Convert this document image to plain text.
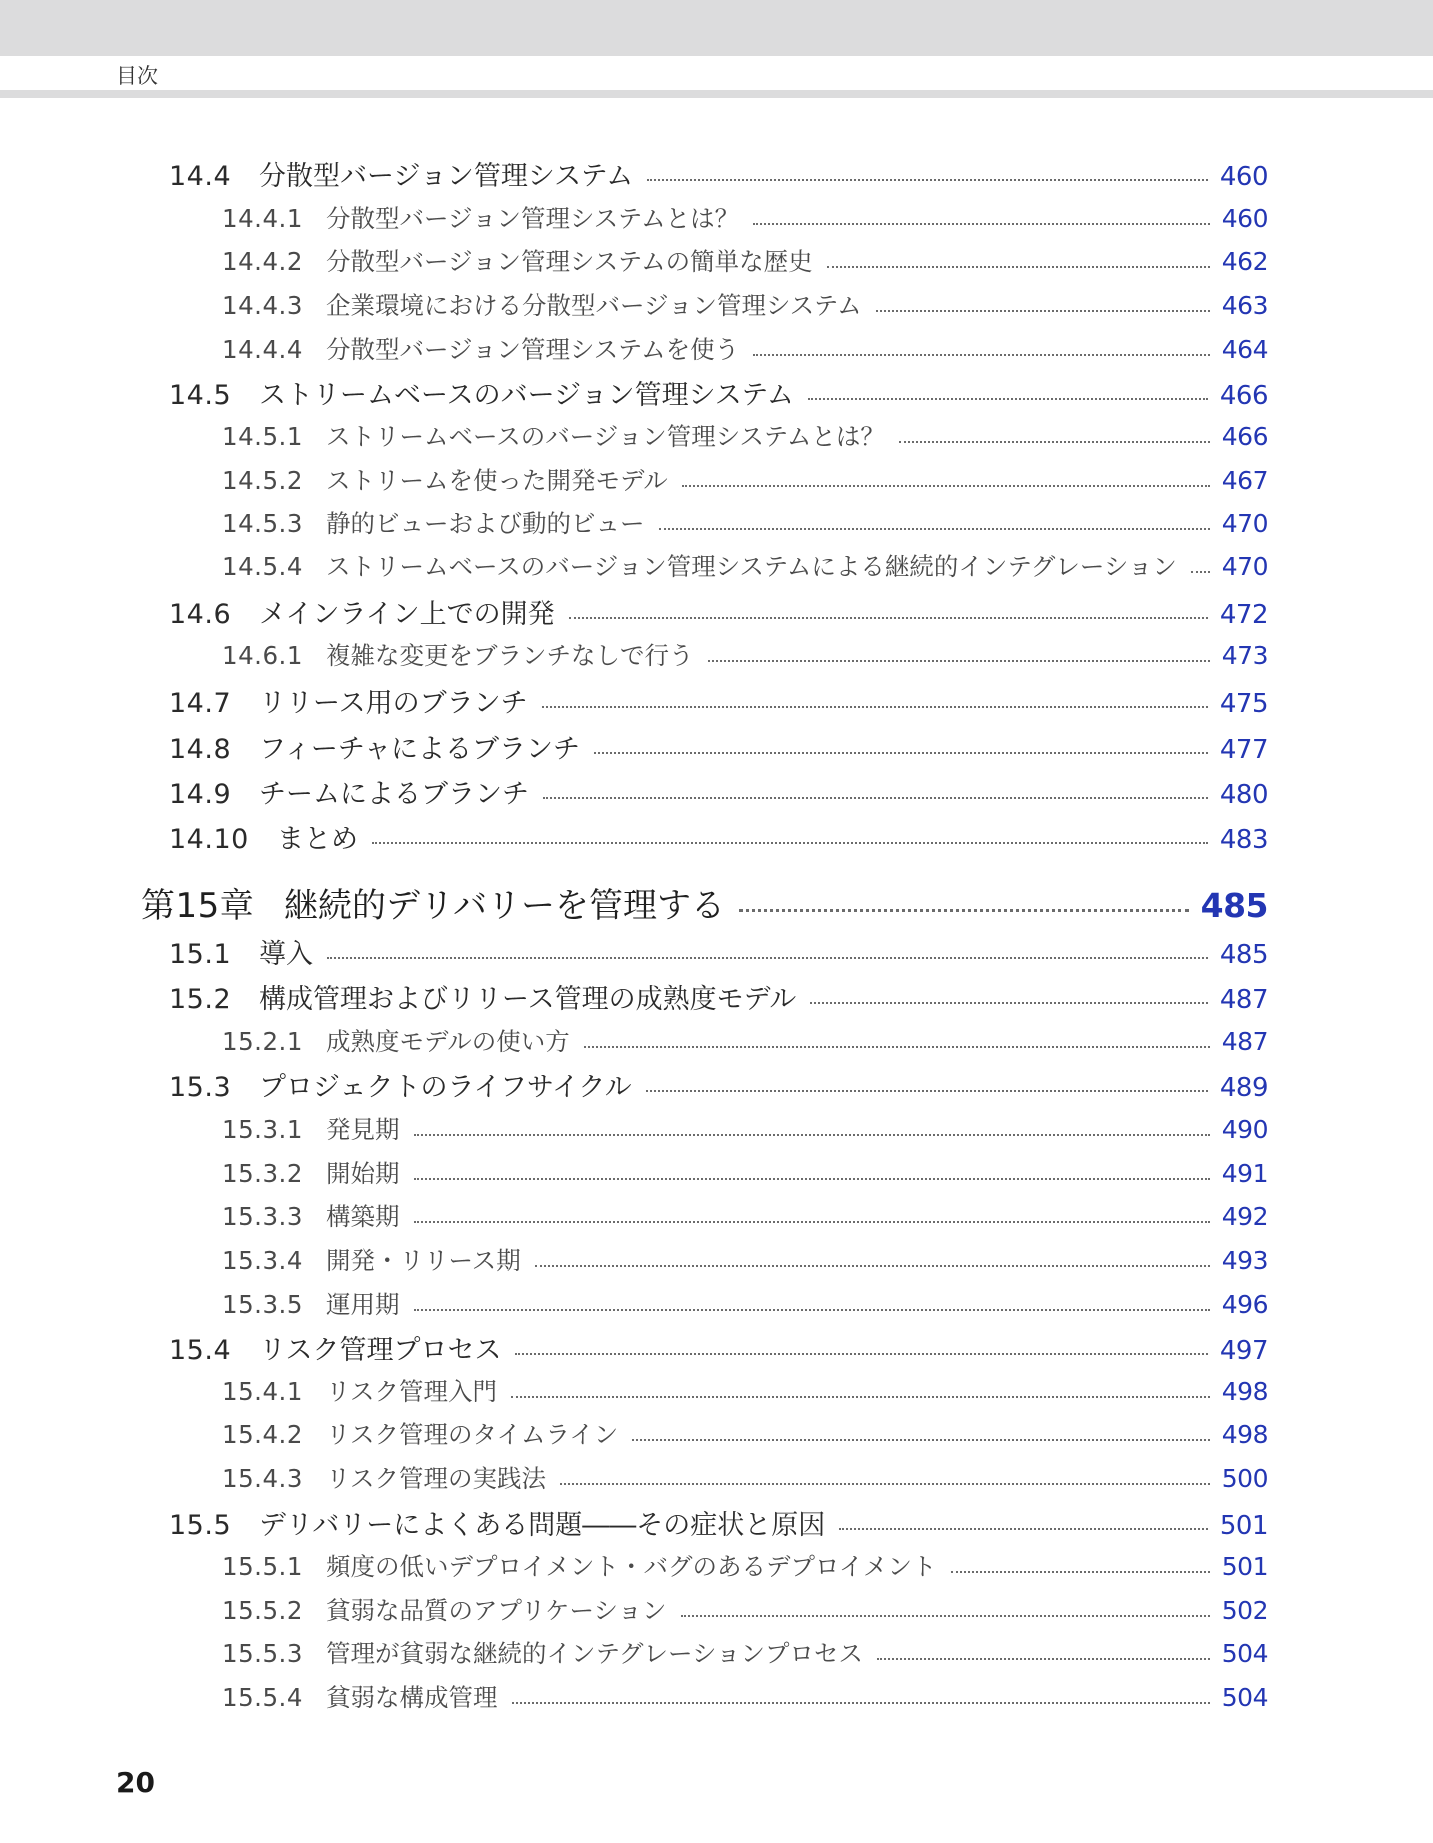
目次
14.4	分散型バージョン管理システム	460
14.4.1 分散型バージョン管理システムとは？	460
14.4.2 分散型バージョン管理システムの簡単な歴史	462
14.4.3 企業環境における分散型バージョン管理システム	463
14.4.4 分散型バージョン管理システムを使う	464
14.5	ストリームベースのバージョン管理システム	466
14.5.1 ストリームベースのバージョン管理システムとは？	466
14.5.2 ストリームを使った開発モデル	467
14.5.3 静的ビューおよび動的ビュー	470
14.5.4 ストリームベースのバージョン管理システムによる継続的インテグレーション 470
14.6	メインライン上での開発	472
14.6.1 複雑な変更をブランチなしで行う	473
14.7	リリース用のブランチ	475
14.8	フィーチャによるブランチ	477
14.9	チームによるブランチ	480
14.10	まとめ	483
第15章 継続的デリバリーを管理する	485
15.1	導入	485
15.2	構成管理およびリリース管理の成熟度モデル	487
15.2.1 成熟度モデルの使い方	487
15.3	プロジェクトのライフサイクル	489
15.3.1 発見期	490
15.3.2 開始期	491
15.3.3 構築期	492
15.3.4 開発・リリース期	493
15.3.5 運用期	496
15.4	リスク管理プロセス	497
15.4.1 リスク管理入門	498
15.4.2 リスク管理のタイムライン	498
15.4.3 リスク管理の実践法	500
15.5	デリバリーによくある問題――その症状と原因	501
15.5.1 頻度の低いデプロイメント・バグのあるデプロイメント	501
15.5.2 貧弱な品質のアプリケーション	502
15.5.3 管理が貧弱な継続的インテグレーションプロセス	504
15.5.4 貧弱な構成管理	504
20
